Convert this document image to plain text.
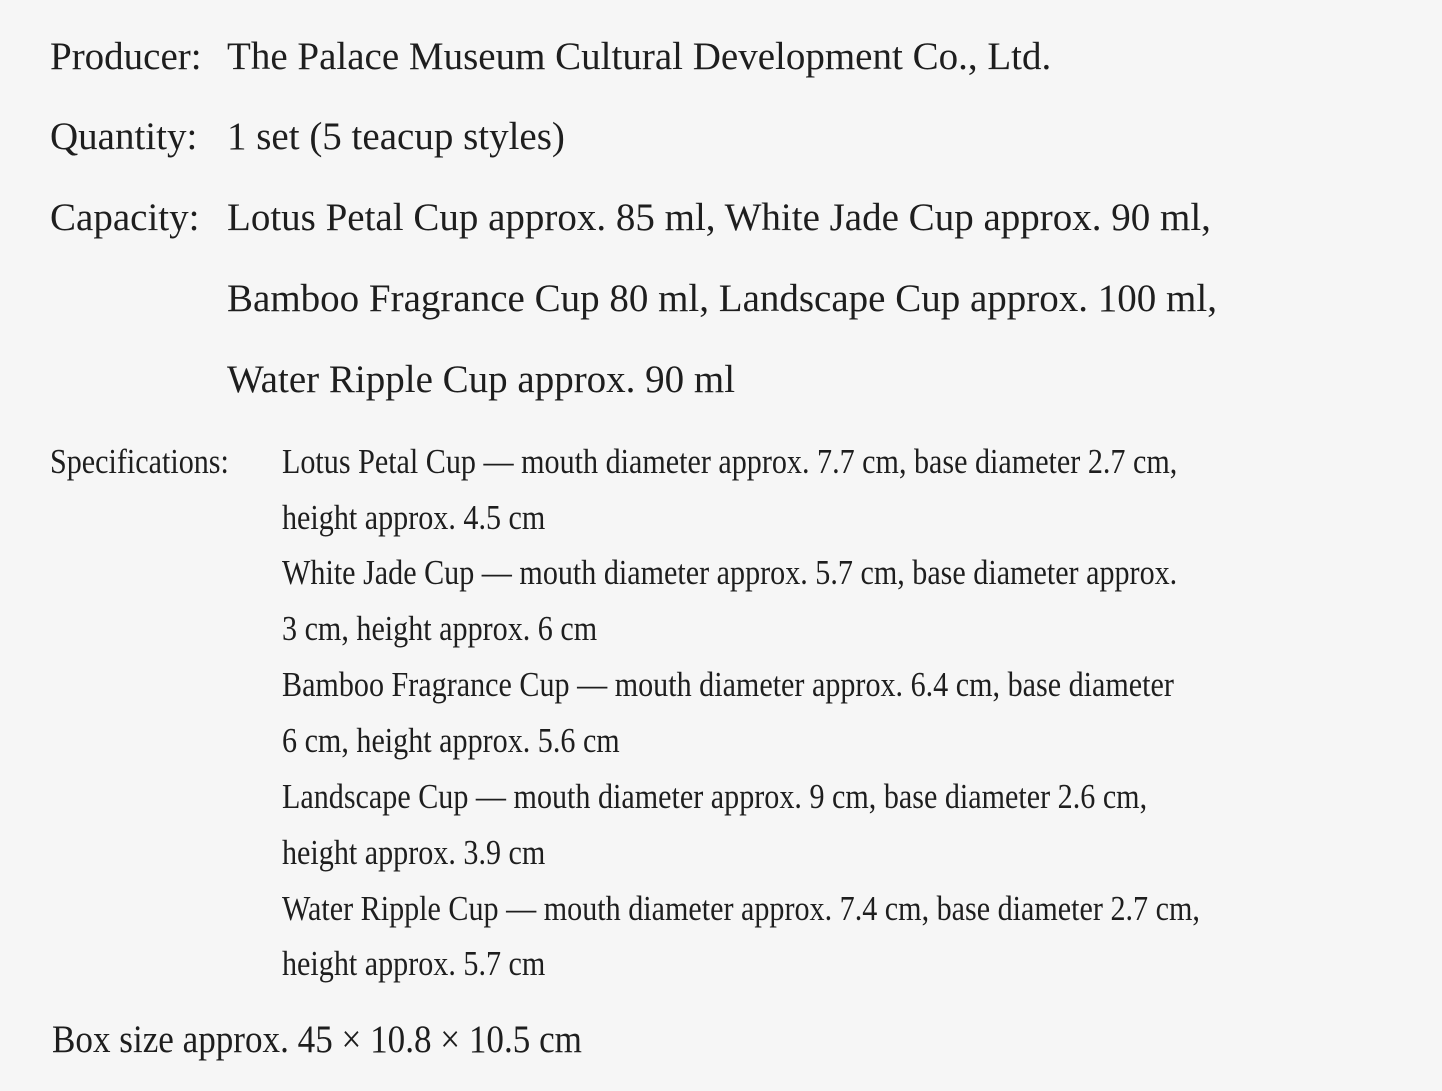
Producer: The Palace Museum Cultural Development Co., Ltd.
Quantity: 1 set (5 teacup styles)
Capacity: Lotus Petal Cup approx. 85 ml, White Jade Cup approx. 90 ml,
Bamboo Fragrance Cup 80 ml, Landscape Cup approx. 100 ml,
Water Ripple Cup approx. 90 ml
Specifications: Lotus Petal Cup — mouth diameter approx. 7.7 cm, base diameter 2.7 cm,
height approx. 4.5 cm
White Jade Cup — mouth diameter approx. 5.7 cm, base diameter approx.
3 cm, height approx. 6 cm
Bamboo Fragrance Cup — mouth diameter approx. 6.4 cm, base diameter
6 cm, height approx. 5.6 cm
Landscape Cup — mouth diameter approx. 9 cm, base diameter 2.6 cm,
height approx. 3.9 cm
Water Ripple Cup — mouth diameter approx. 7.4 cm, base diameter 2.7 cm,
height approx. 5.7 cm
Box size approx. 45 × 10.8 × 10.5 cm
